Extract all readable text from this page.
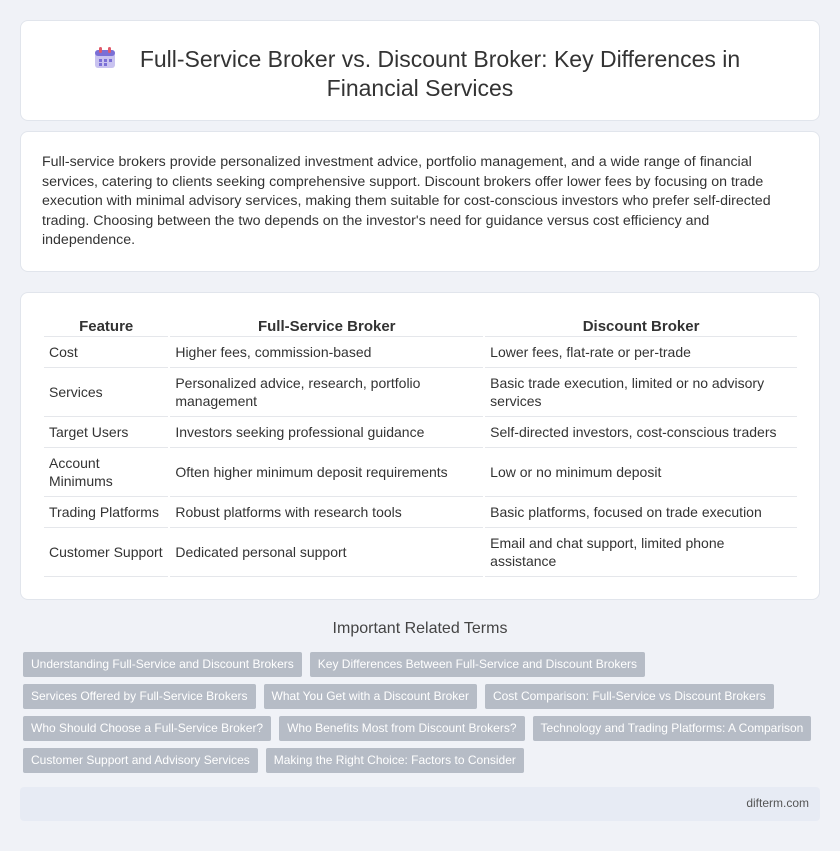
Full-Service Broker vs. Discount Broker: Key Differences in
Financial Services

Full-service brokers provide personalized investment advice, portfolio management, and a wide range of financial services, catering to clients seeking comprehensive support. Discount brokers offer lower fees by focusing on trade execution with minimal advisory services, making them suitable for cost-conscious investors who prefer self-directed trading. Choosing between the two depends on the investor's need for guidance versus cost efficiency and independence.

Feature	Full-Service Broker	Discount Broker
Cost	Higher fees, commission-based	Lower fees, flat-rate or per-trade
Services	Personalized advice, research, portfolio management	Basic trade execution, limited or no advisory services
Target Users	Investors seeking professional guidance	Self-directed investors, cost-conscious traders
Account Minimums	Often higher minimum deposit requirements	Low or no minimum deposit
Trading Platforms	Robust platforms with research tools	Basic platforms, focused on trade execution
Customer Support	Dedicated personal support	Email and chat support, limited phone assistance
Important Related Terms
Understanding Full-Service and Discount Brokers	Key Differences Between Full-Service and Discount Brokers
Services Offered by Full-Service Brokers	What You Get with a Discount Broker	Cost Comparison: Full-Service vs Discount Brokers
Who Should Choose a Full-Service Broker?	Who Benefits Most from Discount Brokers?	Technology and Trading Platforms: A Comparison
Customer Support and Advisory Services	Making the Right Choice: Factors to Consider
difterm.com
